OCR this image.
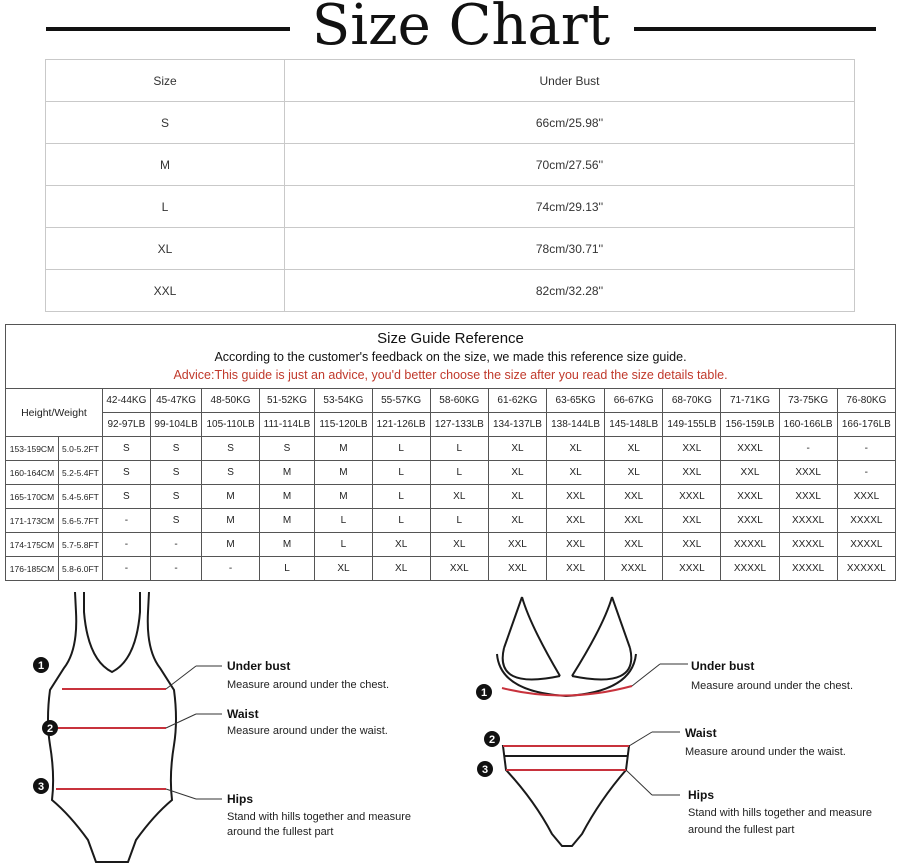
Size Chart
Size	Under Bust
S	66cm/25.98''
M	70cm/27.56''
L	74cm/29.13''
XL	78cm/30.71''
XXL	82cm/32.28''
Size Guide Reference
According to the customer's feedback on the size, we made this reference size guide.
Advice:This guide is just an advice, you'd better choose the size after you read the size details table.															

Height/Weight		42-44KG	45-47KG	48-50KG	51-52KG	53-54KG	55-57KG	58-60KG	61-62KG	63-65KG	66-67KG	68-70KG	71-71KG	73-75KG	76-80KG
		92-97LB	99-104LB	105-110LB	111-114LB	115-120LB	121-126LB	127-133LB	134-137LB	138-144LB	145-148LB	149-155LB	156-159LB	160-166LB	166-176LB
153-159CM	5.0-5.2FT	S	S	S	S	M	L	L	XL	XL	XL	XXL	XXXL	-	-
160-164CM	5.2-5.4FT	S	S	S	M	M	L	L	XL	XL	XL	XXL	XXL	XXXL	-
165-170CM	5.4-5.6FT	S	S	M	M	M	L	XL	XL	XXL	XXL	XXXL	XXXL	XXXL	XXXL
171-173CM	5.6-5.7FT	-	S	M	M	L	L	L	XL	XXL	XXL	XXL	XXXL	XXXXL	XXXXL
174-175CM	5.7-5.8FT	-	-	M	M	L	XL	XL	XXL	XXL	XXL	XXL	XXXXL	XXXXL	XXXXL
176-185CM	5.8-6.0FT	-	-	-	L	XL	XL	XXL	XXL	XXL	XXXL	XXXL	XXXXL	XXXXL	XXXXXL
1
2
3
Under bust
Measure around under the chest.
Waist
Measure around under the waist.
Hips
Stand with hills together and measure
around the fullest part
1
2
3
Under bust
Measure around under the chest.
Waist
Measure around under the waist.
Hips
Stand with hills together and measure
around the fullest part
